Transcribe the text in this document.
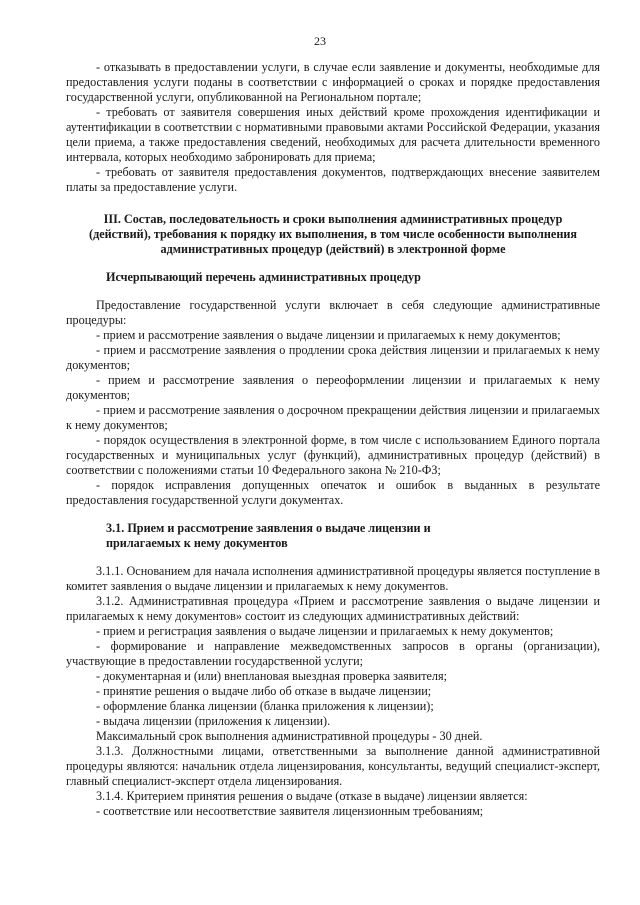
23

- отказывать в предоставлении услуги, в случае если заявление и документы, необходимые для предоставления услуги поданы в соответствии с информацией о сроках и порядке предоставления государственной услуги, опубликованной на Региональном портале;

- требовать от заявителя совершения иных действий кроме прохождения идентификации и аутентификации в соответствии с нормативными правовыми актами Российской Федерации, указания цели приема, а также предоставления сведений, необходимых для расчета длительности временного интервала, которых необходимо забронировать для приема;

- требовать от заявителя предоставления документов, подтверждающих внесение заявителем платы за предоставление услуги.

III. Состав, последовательность и сроки выполнения административных процедур (действий), требования к порядку их выполнения, в том числе особенности выполнения административных процедур (действий) в электронной форме

Исчерпывающий перечень административных процедур

Предоставление государственной услуги включает в себя следующие административные процедуры:

- прием и рассмотрение заявления о выдаче лицензии и прилагаемых к нему документов;

- прием и рассмотрение заявления о продлении срока действия лицензии и прилагаемых к нему документов;

- прием и рассмотрение заявления о переоформлении лицензии и прилагаемых к нему документов;

- прием и рассмотрение заявления о досрочном прекращении действия лицензии и прилагаемых к нему документов;

- порядок осуществления в электронной форме, в том числе с использованием Единого портала государственных и муниципальных услуг (функций), административных процедур (действий) в соответствии с положениями статьи 10 Федерального закона № 210-ФЗ;

- порядок исправления допущенных опечаток и ошибок в выданных в результате предоставления государственной услуги документах.

3.1. Прием и рассмотрение заявления о выдаче лицензии и
прилагаемых к нему документов

3.1.1. Основанием для начала исполнения административной процедуры является поступление в комитет заявления о выдаче лицензии и прилагаемых к нему документов.

3.1.2. Административная процедура «Прием и рассмотрение заявления о выдаче лицензии и прилагаемых к нему документов» состоит из следующих административных действий:

- прием и регистрация заявления о выдаче лицензии и прилагаемых к нему документов;

- формирование и направление межведомственных запросов в органы (организации), участвующие в предоставлении государственной услуги;

- документарная и (или) внеплановая выездная проверка заявителя;

- принятие решения о выдаче либо об отказе в выдаче лицензии;

- оформление бланка лицензии (бланка приложения к лицензии);

- выдача лицензии (приложения к лицензии).

Максимальный срок выполнения административной процедуры - 30 дней.

3.1.3. Должностными лицами, ответственными за выполнение данной административной процедуры являются: начальник отдела лицензирования, консультанты, ведущий специалист-эксперт, главный специалист-эксперт отдела лицензирования.

3.1.4. Критерием принятия решения о выдаче (отказе в выдаче) лицензии является:

- соответствие или несоответствие заявителя лицензионным требованиям;
